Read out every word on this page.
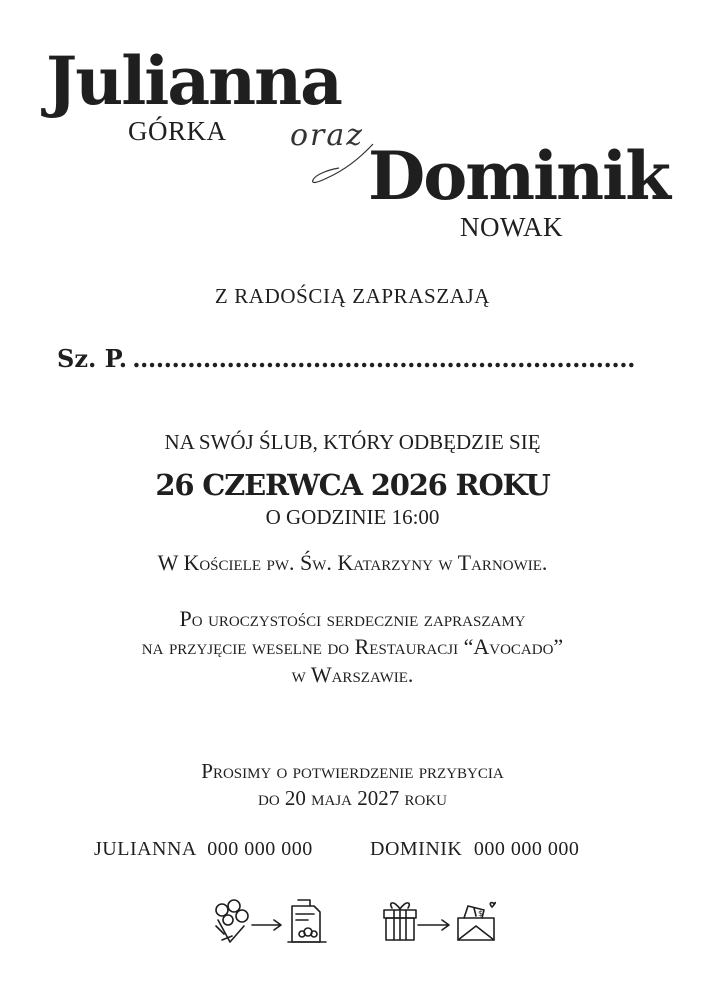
Julianna
GÓRKA oraz
Dominik
NOWAK
Z RADOŚCIĄ ZAPRASZAJĄ
Sz. P. ................................................................
NA SWÓJ ŚLUB, KTÓRY ODBĘDZIE SIĘ
26 CZERWCA 2026 ROKU
O GODZINIE 16:00
W Kościele pw. Św. Katarzyny w Tarnowie.
Po uroczystości serdecznie zapraszamy
na przyjęcie weselne do Restauracji “Avocado”
w Warszawie.
Prosimy o potwierdzenie przybycia
do 20 maja 2027 roku
JULIANNA 000 000 000	DOMINIK 000 000 000
$
